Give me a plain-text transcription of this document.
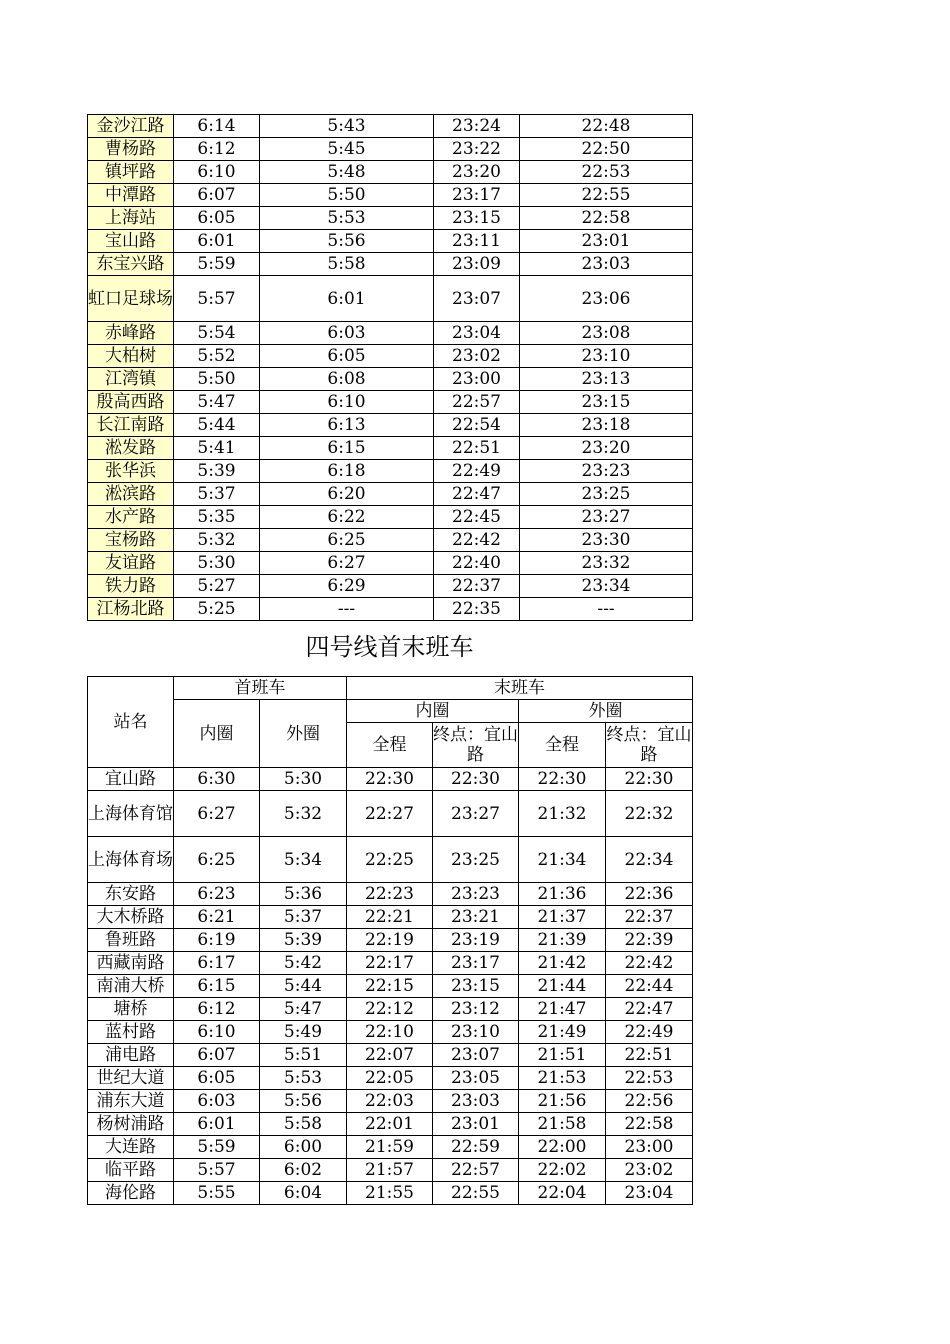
金沙江路	6:14	5:43	23:24	22:48
曹杨路	6:12	5:45	23:22	22:50
镇坪路	6:10	5:48	23:20	22:53
中潭路	6:07	5:50	23:17	22:55
上海站	6:05	5:53	23:15	22:58
宝山路	6:01	5:56	23:11	23:01
东宝兴路	5:59	5:58	23:09	23:03
虹口足球场	5:57	6:01	23:07	23:06
赤峰路	5:54	6:03	23:04	23:08
大柏树	5:52	6:05	23:02	23:10
江湾镇	5:50	6:08	23:00	23:13
殷高西路	5:47	6:10	22:57	23:15
长江南路	5:44	6:13	22:54	23:18
淞发路	5:41	6:15	22:51	23:20
张华浜	5:39	6:18	22:49	23:23
淞滨路	5:37	6:20	22:47	23:25
水产路	5:35	6:22	22:45	23:27
宝杨路	5:32	6:25	22:42	23:30
友谊路	5:30	6:27	22:40	23:32
铁力路	5:27	6:29	22:37	23:34
江杨北路	5:25	---	22:35	---
四号线首末班车
站名	首班车		末班车			
	内圈	外圈	内圈		外圈	
			全程	终点：宜山路	全程	终点：宜山路
宜山路	6:30	5:30	22:30	22:30	22:30	22:30
上海体育馆	6:27	5:32	22:27	23:27	21:32	22:32
上海体育场	6:25	5:34	22:25	23:25	21:34	22:34
东安路	6:23	5:36	22:23	23:23	21:36	22:36
大木桥路	6:21	5:37	22:21	23:21	21:37	22:37
鲁班路	6:19	5:39	22:19	23:19	21:39	22:39
西藏南路	6:17	5:42	22:17	23:17	21:42	22:42
南浦大桥	6:15	5:44	22:15	23:15	21:44	22:44
塘桥	6:12	5:47	22:12	23:12	21:47	22:47
蓝村路	6:10	5:49	22:10	23:10	21:49	22:49
浦电路	6:07	5:51	22:07	23:07	21:51	22:51
世纪大道	6:05	5:53	22:05	23:05	21:53	22:53
浦东大道	6:03	5:56	22:03	23:03	21:56	22:56
杨树浦路	6:01	5:58	22:01	23:01	21:58	22:58
大连路	5:59	6:00	21:59	22:59	22:00	23:00
临平路	5:57	6:02	21:57	22:57	22:02	23:02
海伦路	5:55	6:04	21:55	22:55	22:04	23:04
